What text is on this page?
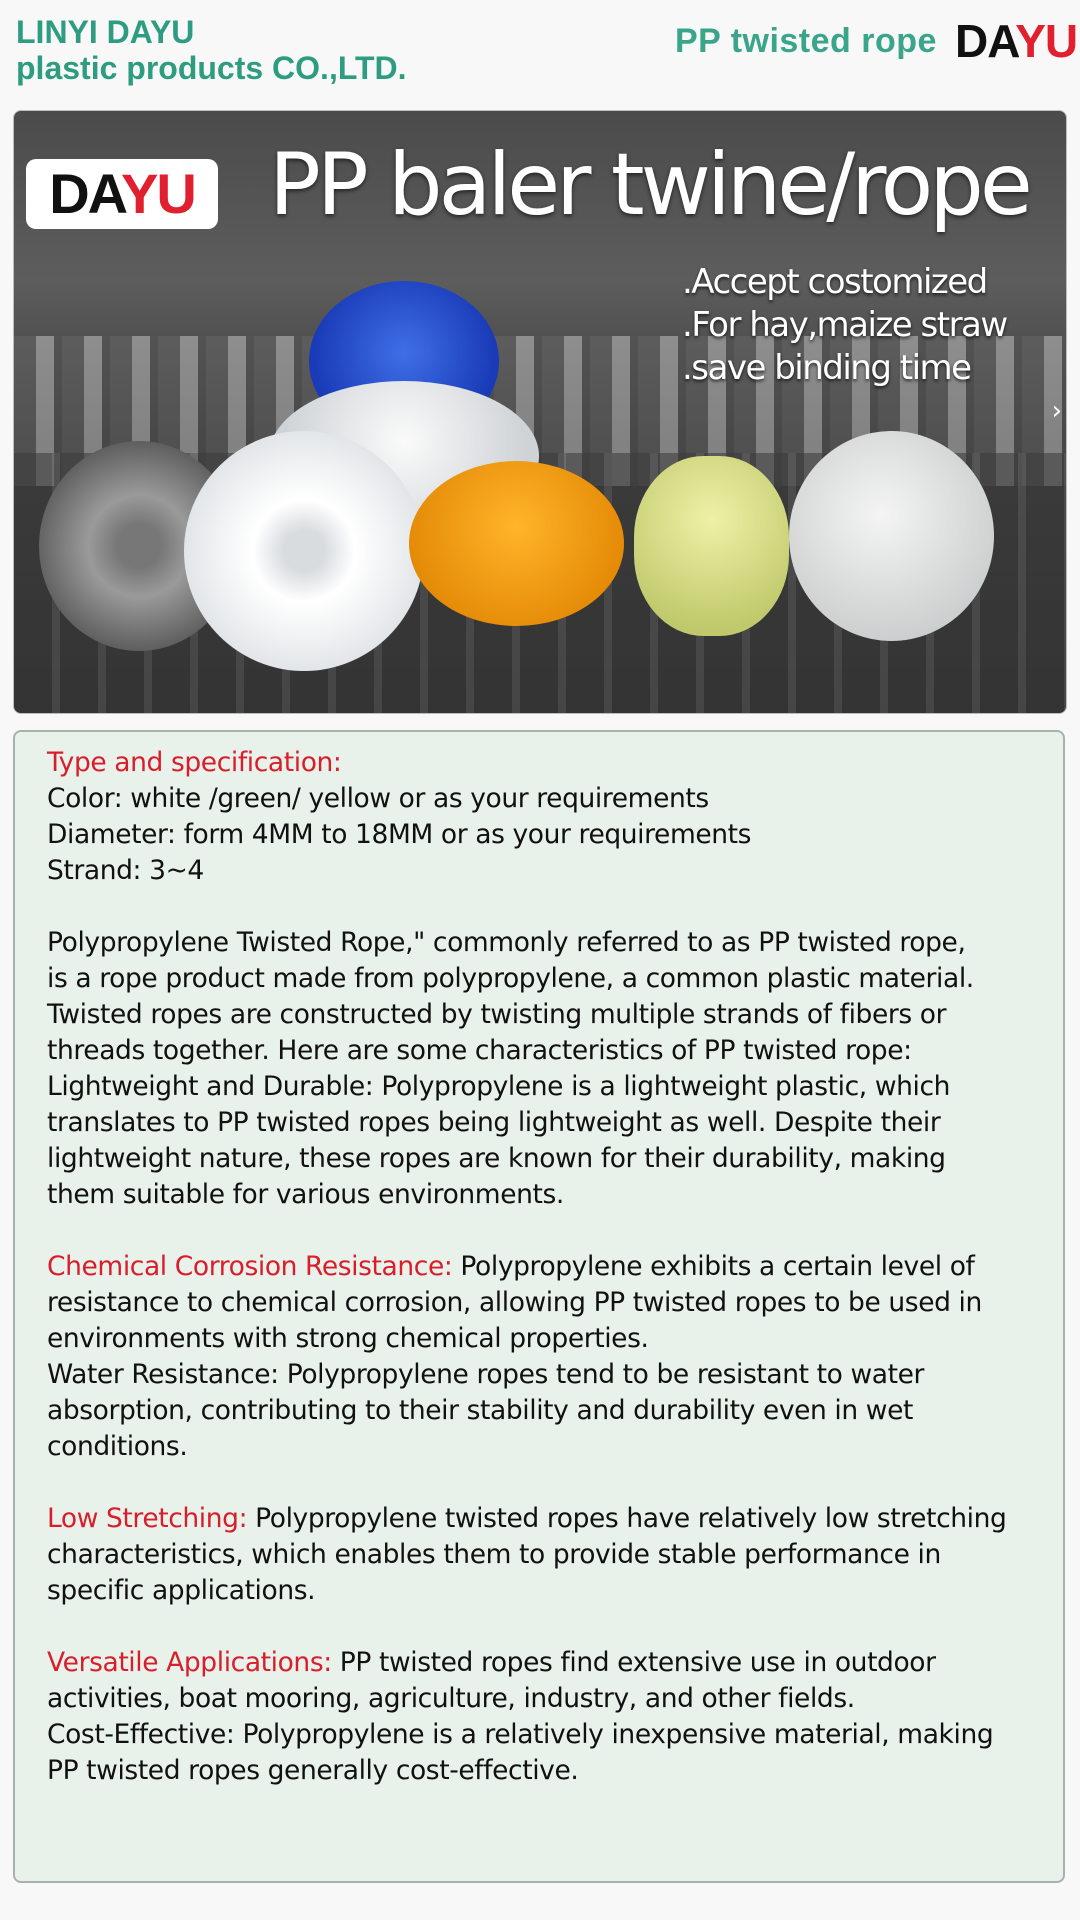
LINYI DAYU
plastic products CO.,LTD.
PP twisted rope DAYU
DAYU PP baler twine/rope
.Accept costomized
.For hay,maize straw
.save binding time
›

Type and specification:
Color: white /green/ yellow or as your requirements
Diameter: form 4MM to 18MM or as your requirements
Strand: 3~4

Polypropylene Twisted Rope," commonly referred to as PP twisted rope,
is a rope product made from polypropylene, a common plastic material.
Twisted ropes are constructed by twisting multiple strands of fibers or
threads together. Here are some characteristics of PP twisted rope:
Lightweight and Durable: Polypropylene is a lightweight plastic, which
translates to PP twisted ropes being lightweight as well. Despite their
lightweight nature, these ropes are known for their durability, making
them suitable for various environments.

Chemical Corrosion Resistance: Polypropylene exhibits a certain level of
resistance to chemical corrosion, allowing PP twisted ropes to be used in
environments with strong chemical properties.
Water Resistance: Polypropylene ropes tend to be resistant to water
absorption, contributing to their stability and durability even in wet
conditions.

Low Stretching: Polypropylene twisted ropes have relatively low stretching
characteristics, which enables them to provide stable performance in
specific applications.

Versatile Applications: PP twisted ropes find extensive use in outdoor
activities, boat mooring, agriculture, industry, and other fields.
Cost-Effective: Polypropylene is a relatively inexpensive material, making
PP twisted ropes generally cost-effective.
